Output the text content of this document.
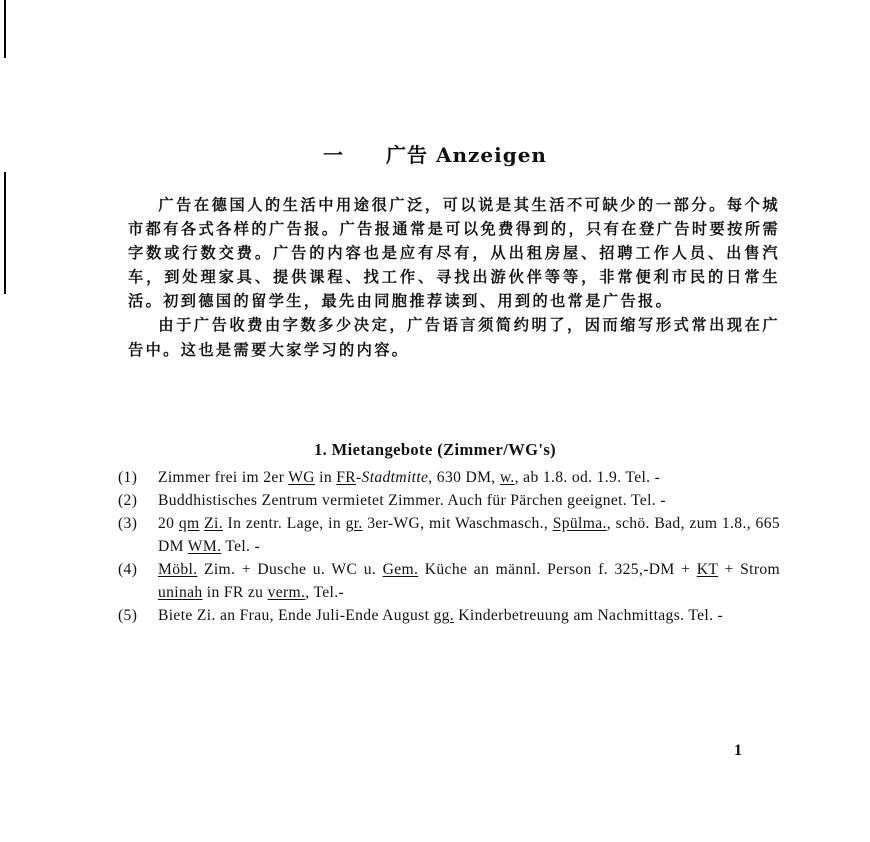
一 广告 Anzeigen

广告在德国人的生活中用途很广泛，可以说是其生活不可缺少的一部分。每个城市都有各式各样的广告报。广告报通常是可以免费得到的，只有在登广告时要按所需字数或行数交费。广告的内容也是应有尽有，从出租房屋、招聘工作人员、出售汽车，到处理家具、提供课程、找工作、寻找出游伙伴等等，非常便利市民的日常生活。初到德国的留学生，最先由同胞推荐读到、用到的也常是广告报。

由于广告收费由字数多少决定，广告语言须简约明了，因而缩写形式常出现在广告中。这也是需要大家学习的内容。

1. Mietangebote (Zimmer/WG's)
(1)	Zimmer frei im 2er WG in FR-Stadtmitte, 630 DM, w., ab 1.8. od. 1.9. Tel. -
(2)	Buddhistisches Zentrum vermietet Zimmer. Auch für Pärchen geeignet. Tel. -
(3)	20 qm Zi. In zentr. Lage, in gr. 3er-WG, mit Waschmasch., Spülma., schö. Bad, zum 1.8., 665 DM WM. Tel. -
(4)	Möbl. Zim. + Dusche u. WC u. Gem. Küche an männl. Person f. 325,-DM + KT + Strom uninah in FR zu verm., Tel.-
(5)	Biete Zi. an Frau, Ende Juli-Ende August gg. Kinderbetreuung am Nachmittags. Tel. -
1
